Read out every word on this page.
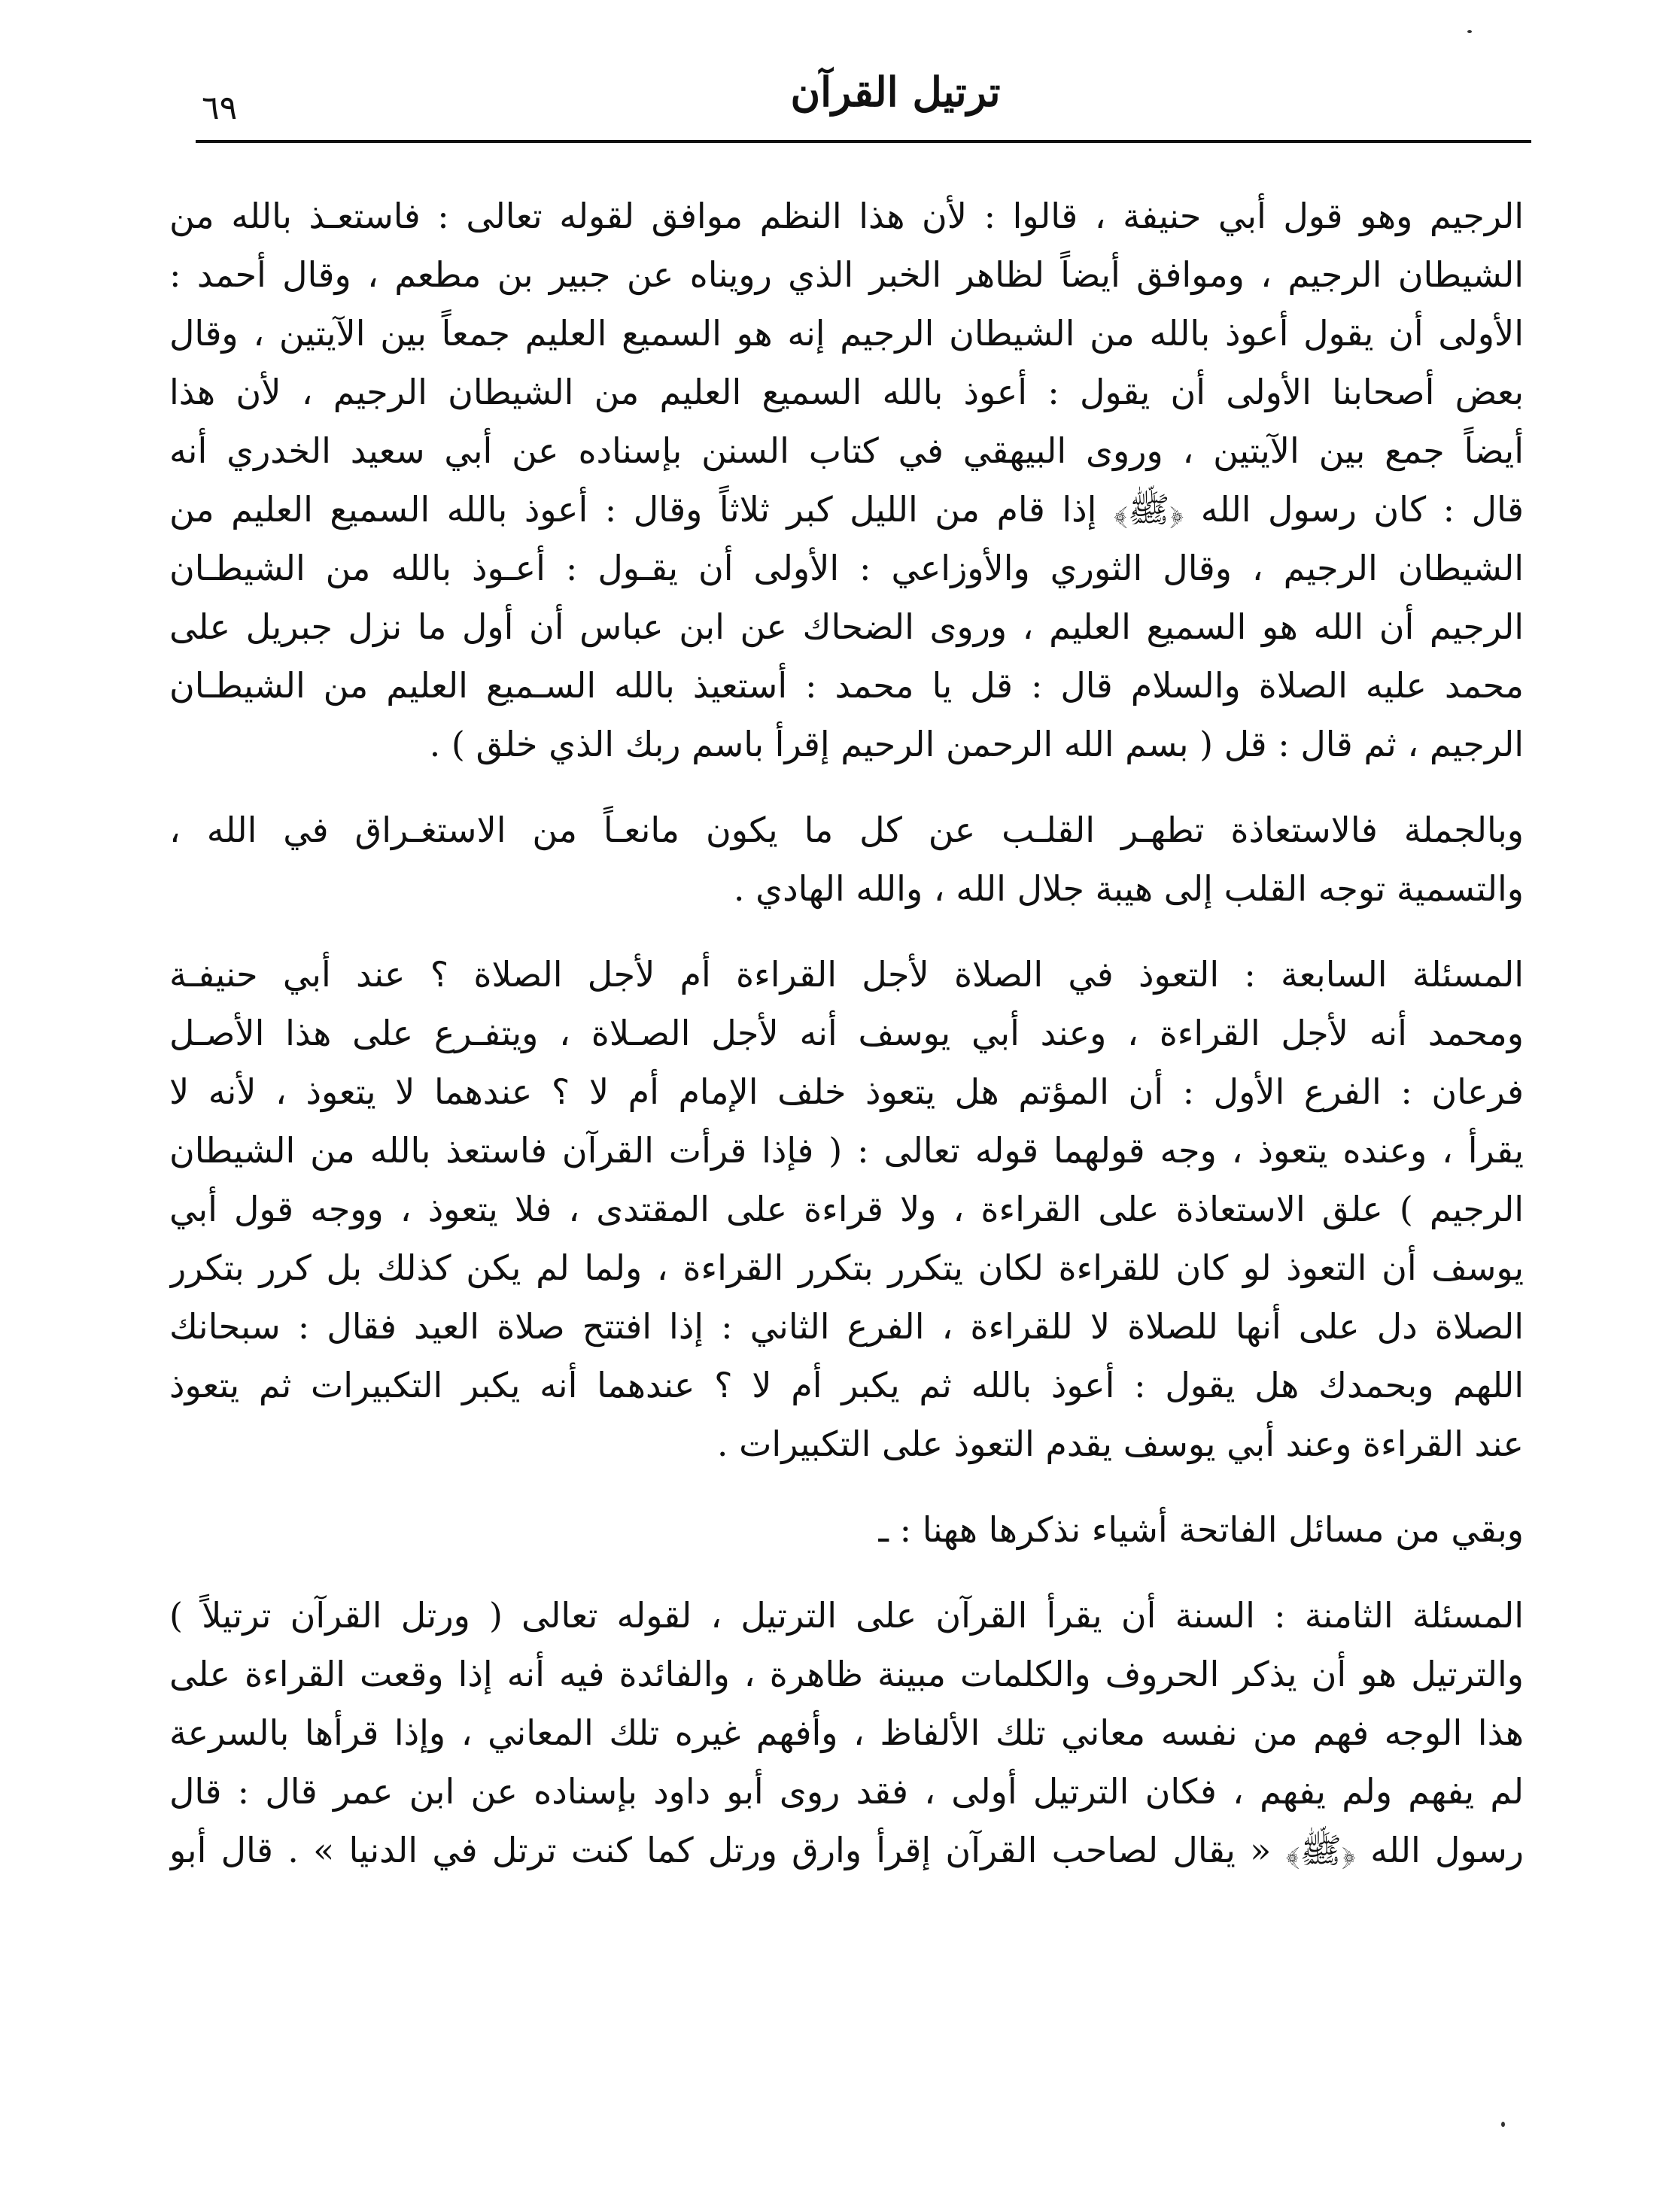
ترتيل القرآن
٦٩
الرجيم وهو قول أبي حنيفة ، قالوا : لأن هذا النظم موافق لقوله تعالى : فاستعـذ بالله من
الشيطان الرجيم ، وموافق أيضاً لظاهر الخبر الذي رويناه عن جبير بن مطعم ، وقال أحمد :
الأولى أن يقول أعوذ بالله من الشيطان الرجيم إنه هو السميع العليم جمعاً بين الآيتين ، وقال
بعض أصحابنا الأولى أن يقول : أعوذ بالله السميع العليم من الشيطان الرجيم ، لأن هذا
أيضاً جمع بين الآيتين ، وروى البيهقي في كتاب السنن بإسناده عن أبي سعيد الخدري أنه
قال : كان رسول الله ﴿ﷺ﴾ إذا قام من الليل كبر ثلاثاً وقال : أعوذ بالله السميع العليم من
الشيطان الرجيم ، وقال الثوري والأوزاعي : الأولى أن يقـول : أعـوذ بالله من الشيطـان
الرجيم أن الله هو السميع العليم ، وروى الضحاك عن ابن عباس أن أول ما نزل جبريل على
محمد عليه الصلاة والسلام قال : قل يا محمد : أستعيذ بالله السـميع العليم من الشيطـان
الرجيم ، ثم قال : قل ( بسم الله الرحمن الرحيم إقرأ باسم ربك الذي خلق ) .
وبالجملة فالاستعاذة تطهـر القلـب عن كل ما يكون مانعـاً من الاستغـراق في الله ،
والتسمية توجه القلب إلى هيبة جلال الله ، والله الهادي .
المسئلة السابعة : التعوذ في الصلاة لأجل القراءة أم لأجل الصلاة ؟ عند أبي حنيفـة
ومحمد أنه لأجل القراءة ، وعند أبي يوسف أنه لأجل الصـلاة ، ويتفـرع على هذا الأصـل
فرعان : الفرع الأول : أن المؤتم هل يتعوذ خلف الإمام أم لا ؟ عندهما لا يتعوذ ، لأنه لا
يقرأ ، وعنده يتعوذ ، وجه قولهما قوله تعالى : ( فإذا قرأت القرآن فاستعذ بالله من الشيطان
الرجيم ) علق الاستعاذة على القراءة ، ولا قراءة على المقتدى ، فلا يتعوذ ، ووجه قول أبي
يوسف أن التعوذ لو كان للقراءة لكان يتكرر بتكرر القراءة ، ولما لم يكن كذلك بل كرر بتكرر
الصلاة دل على أنها للصلاة لا للقراءة ، الفرع الثاني : إذا افتتح صلاة العيد فقال : سبحانك
اللهم وبحمدك هل يقول : أعوذ بالله ثم يكبر أم لا ؟ عندهما أنه يكبر التكبيرات ثم يتعوذ
عند القراءة وعند أبي يوسف يقدم التعوذ على التكبيرات .
وبقي من مسائل الفاتحة أشياء نذكرها ههنا : ـ
المسئلة الثامنة : السنة أن يقرأ القرآن على الترتيل ، لقوله تعالى ( ورتل القرآن ترتيلاً )
والترتيل هو أن يذكر الحروف والكلمات مبينة ظاهرة ، والفائدة فيه أنه إذا وقعت القراءة على
هذا الوجه فهم من نفسه معاني تلك الألفاظ ، وأفهم غيره تلك المعاني ، وإذا قرأها بالسرعة
لم يفهم ولم يفهم ، فكان الترتيل أولى ، فقد روى أبو داود بإسناده عن ابن عمر قال : قال
رسول الله ﴿ﷺ﴾ « يقال لصاحب القرآن إقرأ وارق ورتل كما كنت ترتل في الدنيا » . قال أبو
